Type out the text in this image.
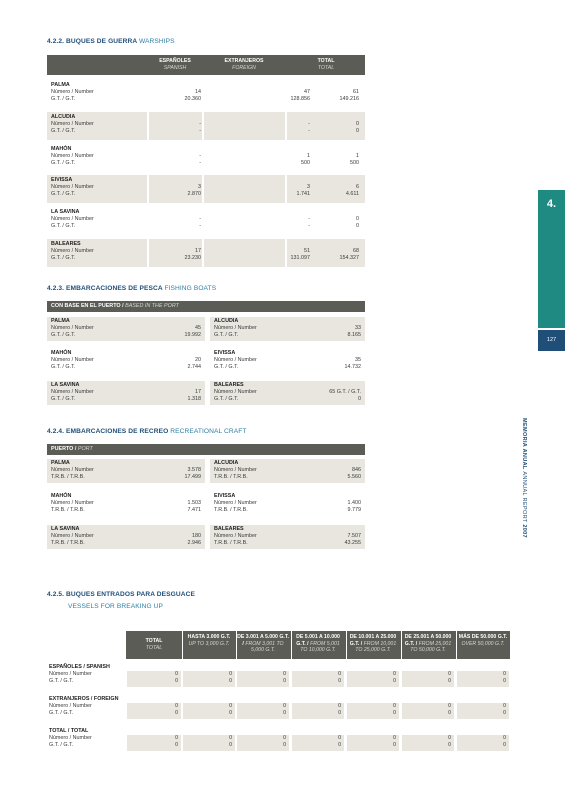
4.
127
MEMORIA ANUAL ANNUAL REPORT 2007
4.2.2. BUQUES DE GUERRA WARSHIPS
ESPAÑOLES
SPANISH
EXTRANJEROS
FOREIGN
TOTAL
TOTAL
PALMA
Número / Number
G.T. / G.T.
14
20.360
47
128.856
61
149.216
ALCUDIA
Número / Number
G.T. / G.T.
-
-
-
-
0
0
MAHÓN
Número / Number
G.T. / G.T.
-
-
1
500
1
500
EIVISSA
Número / Number
G.T. / G.T.
3
2.870
3
1.741
6
4.611
LA SAVINA
Número / Number
G.T. / G.T.
-
-
-
-
0
0
BALEARES
Número / Number
G.T. / G.T.
17
23.230
51
131.097
68
154.327
4.2.3. EMBARCACIONES DE PESCA FISHING BOATS
CON BASE EN EL PUERTO / BASED IN THE PORT
PALMA
Número / Number
G.T. / G.T.
45
19.992
ALCUDIA
Número / Number
G.T. / G.T.
33
8.165
MAHÓN
Número / Number
G.T. / G.T.
20
2.744
EIVISSA
Número / Number
G.T. / G.T.
35
14.732
LA SAVINA
Número / Number
G.T. / G.T.
17
1.318
BALEARES
Número / Number
G.T. / G.T.
65 G.T. / G.T.
0
4.2.4. EMBARCACIONES DE RECREO RECREATIONAL CRAFT
PUERTO / PORT
PALMA
Número / Number
T.R.B. / T.R.B.
3.578
17.499
ALCUDIA
Número / Number
T.R.B. / T.R.B.
846
5.560
MAHÓN
Número / Number
T.R.B. / T.R.B.
1.503
7.471
EIVISSA
Número / Number
T.R.B. / T.R.B.
1.400
9.779
LA SAVINA
Número / Number
T.R.B. / T.R.B.
180
2.946
BALEARES
Número / Number
T.R.B. / T.R.B.
7.507
43.255
4.2.5. BUQUES ENTRADOS PARA DESGUACE
VESSELS FOR BREAKING UP
TOTAL
TOTAL
HASTA 3.000 G.T.
UP TO 3,000 G.T.
DE 3.001 A 5.000 G.T. / FROM 3,001 TO 5,000 G.T.
DE 5.001 A 10.000 G.T. / FROM 5,001 TO 10,000 G.T.
DE 10.001 A 25.000 G.T. / FROM 10,001 TO 25,000 G.T.
DE 25.001 A 50.000 G.T. / FROM 25,001 TO 50,000 G.T.
MÁS DE 50.000 G.T.
OVER 50,000 G.T.
ESPAÑOLES / SPANISH
Número / Number
G.T. / G.T.
0
0
0
0
0
0
0
0
0
0
0
0
0
0
EXTRANJEROS / FOREIGN
Número / Number
G.T. / G.T.
0
0
0
0
0
0
0
0
0
0
0
0
0
0
TOTAL / TOTAL
Número / Number
G.T. / G.T.
0
0
0
0
0
0
0
0
0
0
0
0
0
0
